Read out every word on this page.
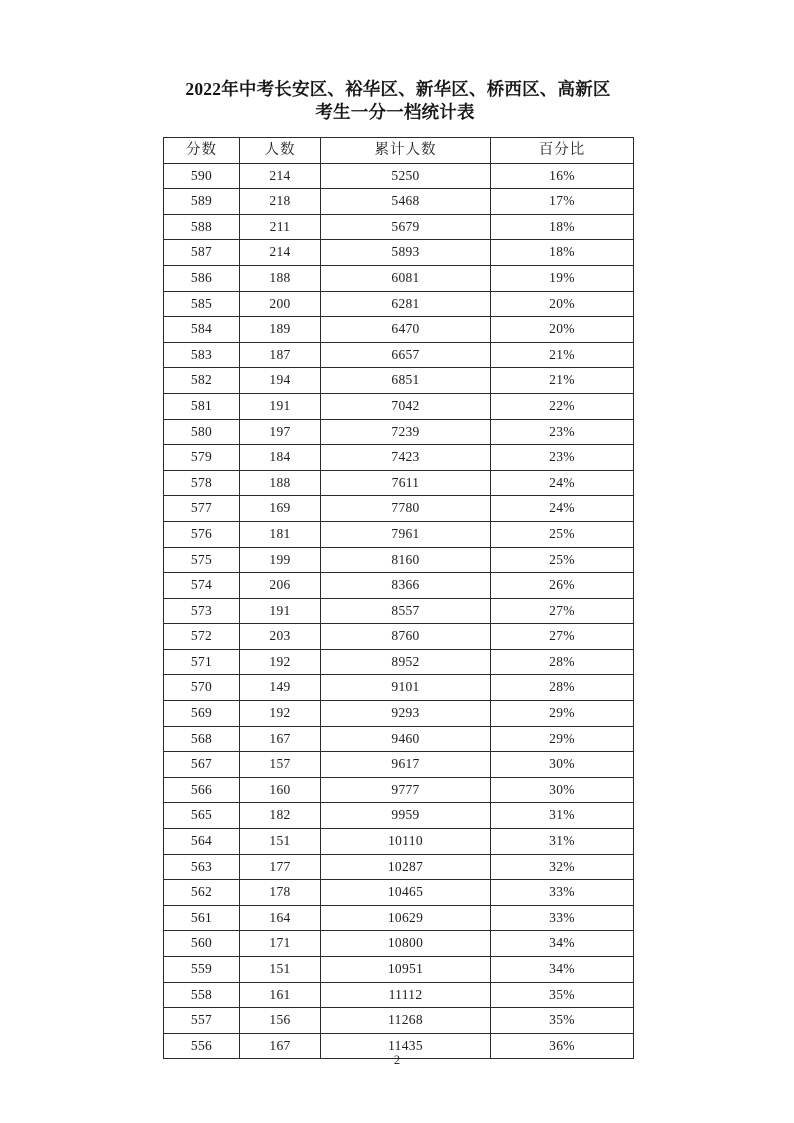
2022年中考长安区、裕华区、新华区、桥西区、高新区
考生一分一档统计表
分数	人数	累计人数	百分比
590	214	5250	16%
589	218	5468	17%
588	211	5679	18%
587	214	5893	18%
586	188	6081	19%
585	200	6281	20%
584	189	6470	20%
583	187	6657	21%
582	194	6851	21%
581	191	7042	22%
580	197	7239	23%
579	184	7423	23%
578	188	7611	24%
577	169	7780	24%
576	181	7961	25%
575	199	8160	25%
574	206	8366	26%
573	191	8557	27%
572	203	8760	27%
571	192	8952	28%
570	149	9101	28%
569	192	9293	29%
568	167	9460	29%
567	157	9617	30%
566	160	9777	30%
565	182	9959	31%
564	151	10110	31%
563	177	10287	32%
562	178	10465	33%
561	164	10629	33%
560	171	10800	34%
559	151	10951	34%
558	161	11112	35%
557	156	11268	35%
556	167	11435	36%
2
